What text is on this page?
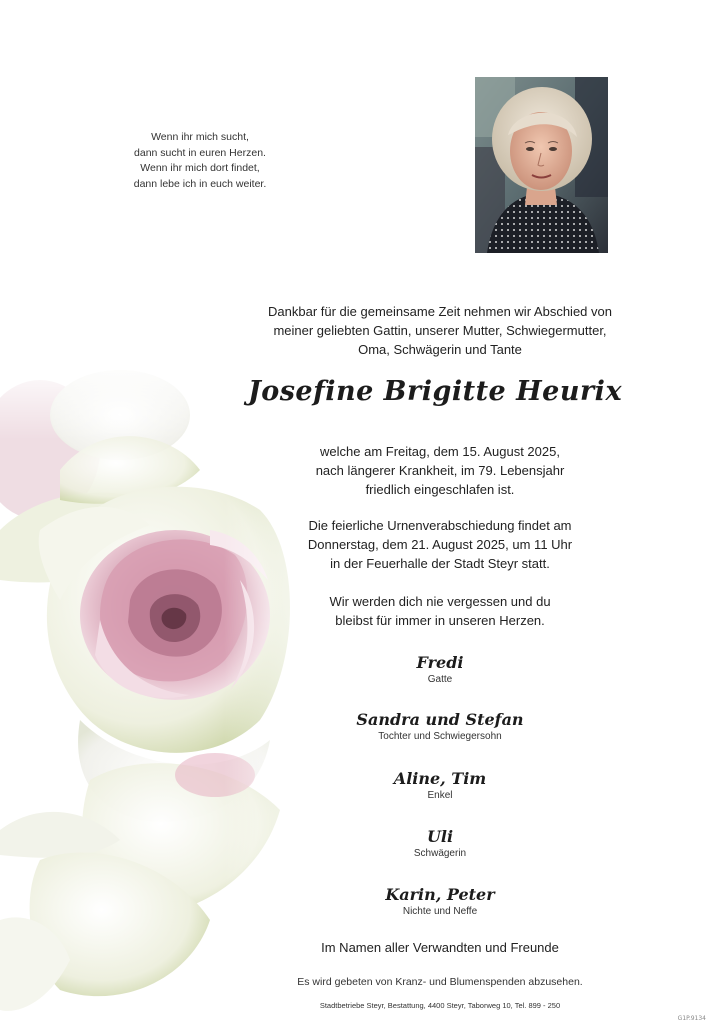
Wenn ihr mich sucht,
dann sucht in euren Herzen.
Wenn ihr mich dort findet,
dann lebe ich in euch weiter.
Dankbar für die gemeinsame Zeit nehmen wir Abschied von
meiner geliebten Gattin, unserer Mutter, Schwiegermutter,
Oma, Schwägerin und Tante
Josefine Brigitte Heurix
welche am Freitag, dem 15. August 2025,
nach längerer Krankheit, im 79. Lebensjahr
friedlich eingeschlafen ist.
Die feierliche Urnenverabschiedung findet am
Donnerstag, dem 21. August 2025, um 11 Uhr
in der Feuerhalle der Stadt Steyr statt.
Wir werden dich nie vergessen und du
bleibst für immer in unseren Herzen.
Fredi
Gatte
Sandra und Stefan
Tochter und Schwiegersohn
Aline, Tim
Enkel
Uli
Schwägerin
Karin, Peter
Nichte und Neffe
Im Namen aller Verwandten und Freunde
Es wird gebeten von Kranz- und Blumenspenden abzusehen.
Stadtbetriebe Steyr, Bestattung, 4400 Steyr, Taborweg 10, Tel. 899 - 250
G1P.9134
